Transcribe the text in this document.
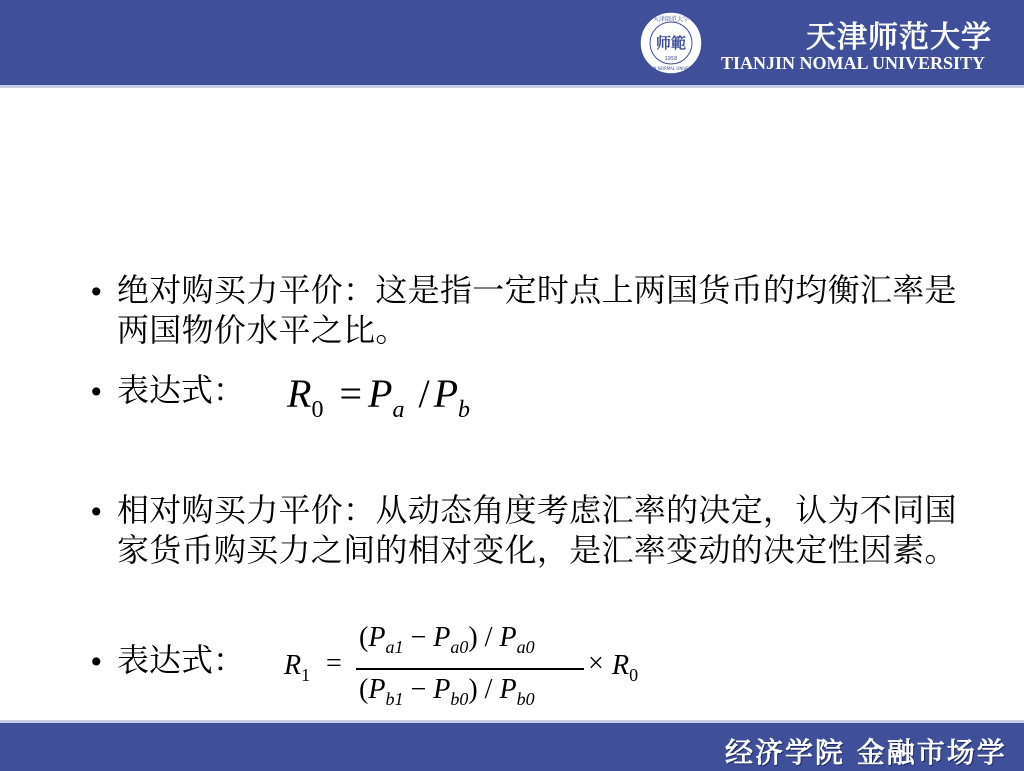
师範
天津師范大学
1958
TIANJIN NORMAL UNIVERSITY
天津师范大学
TIANJIN NOMAL UNIVERSITY
• 绝对购买力平价：这是指一定时点上两国货币的均衡汇率是两国物价水平之比。
• 表达式： $R_0 = P_a / P_b$
• 相对购买力平价：从动态角度考虑汇率的决定，认为不同国家货币购买力之间的相对变化，是汇率变动的决定性因素。
• 表达式： $R_1$ =
$(P_{a1} - P_{a0}) / P_{a0}$
$(P_{b1} - P_{b0}) / P_{b0}$
× $R_0$
经济学院 金融市场学
